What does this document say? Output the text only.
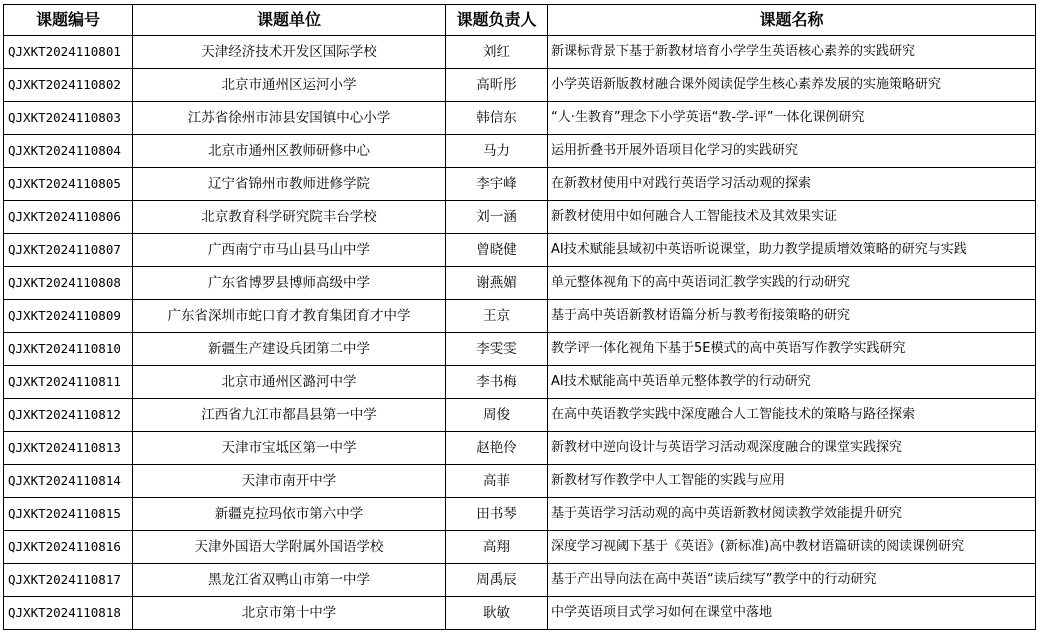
课题编号	课题单位	课题负责人	课题名称
QJXKT2024110801	天津经济技术开发区国际学校	刘红	新课标背景下基于新教材培育小学学生英语核心素养的实践研究
QJXKT2024110802	北京市通州区运河小学	高昕彤	小学英语新版教材融合课外阅读促学生核心素养发展的实施策略研究
QJXKT2024110803	江苏省徐州市沛县安国镇中心小学	韩信东	“人·生教育”理念下小学英语“教-学-评”一体化课例研究
QJXKT2024110804	北京市通州区教师研修中心	马力	运用折叠书开展外语项目化学习的实践研究
QJXKT2024110805	辽宁省锦州市教师进修学院	李宇峰	在新教材使用中对践行英语学习活动观的探索
QJXKT2024110806	北京教育科学研究院丰台学校	刘一涵	新教材使用中如何融合人工智能技术及其效果实证
QJXKT2024110807	广西南宁市马山县马山中学	曾晓健	AI技术赋能县域初中英语听说课堂，助力教学提质增效策略的研究与实践
QJXKT2024110808	广东省博罗县博师高级中学	谢燕媚	单元整体视角下的高中英语词汇教学实践的行动研究
QJXKT2024110809	广东省深圳市蛇口育才教育集团育才中学	王京	基于高中英语新教材语篇分析与教考衔接策略的研究
QJXKT2024110810	新疆生产建设兵团第二中学	李雯雯	教学评一体化视角下基于5E模式的高中英语写作教学实践研究
QJXKT2024110811	北京市通州区潞河中学	李书梅	AI技术赋能高中英语单元整体教学的行动研究
QJXKT2024110812	江西省九江市都昌县第一中学	周俊	在高中英语教学实践中深度融合人工智能技术的策略与路径探索
QJXKT2024110813	天津市宝坻区第一中学	赵艳伶	新教材中逆向设计与英语学习活动观深度融合的课堂实践探究
QJXKT2024110814	天津市南开中学	高菲	新教材写作教学中人工智能的实践与应用
QJXKT2024110815	新疆克拉玛依市第六中学	田书琴	基于英语学习活动观的高中英语新教材阅读教学效能提升研究
QJXKT2024110816	天津外国语大学附属外国语学校	高翔	深度学习视阈下基于《英语》(新标准)高中教材语篇研读的阅读课例研究
QJXKT2024110817	黑龙江省双鸭山市第一中学	周禹辰	基于产出导向法在高中英语“读后续写”教学中的行动研究
QJXKT2024110818	北京市第十中学	耿敏	中学英语项目式学习如何在课堂中落地
